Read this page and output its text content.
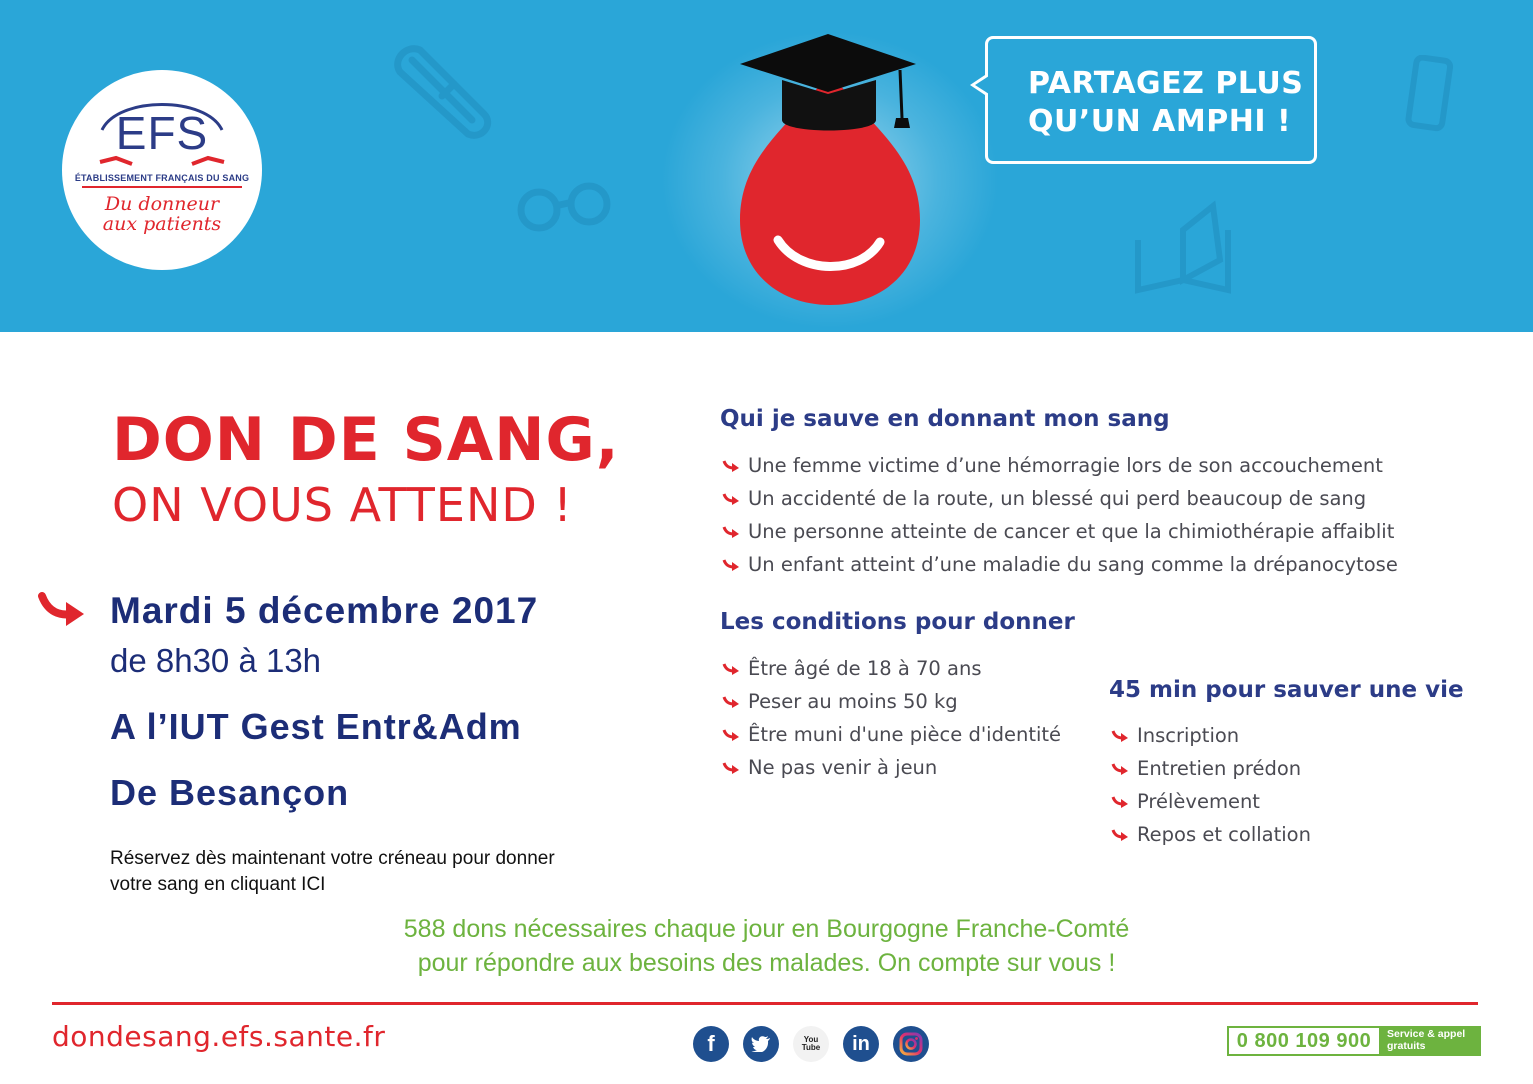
EFS
ÉTABLISSEMENT FRANÇAIS DU SANG
Du donneur
aux patients
PARTAGEZ PLUS
QU’UN AMPHI !
DON DE SANG,
ON VOUS ATTEND !
Mardi 5 décembre 2017
de 8h30 à 13h
A l’IUT Gest Entr&Adm
De Besançon
Réservez dès maintenant votre créneau pour donner
votre sang en cliquant ICI
Qui je sauve en donnant mon sang
Une femme victime d’une hémorragie lors de son accouchement
Un accidenté de la route, un blessé qui perd beaucoup de sang
Une personne atteinte de cancer et que la chimiothérapie affaiblit
Un enfant atteint d’une maladie du sang comme la drépanocytose
Les conditions pour donner
Être âgé de 18 à 70 ans
Peser au moins 50 kg
Être muni d'une pièce d'identité
Ne pas venir à jeun
45 min pour sauver une vie
Inscription
Entretien prédon
Prélèvement
Repos et collation
588 dons nécessaires chaque jour en Bourgogne Franche-Comté
pour répondre aux besoins des malades. On compte sur vous !
dondesang.efs.sante.fr	f	You Tube in	0 800 109 900	Service & appel
gratuits
